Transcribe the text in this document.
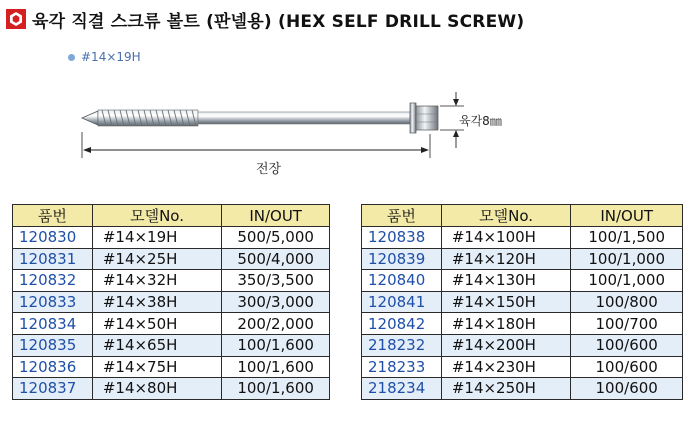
육각 직결 스크류 볼트 (판넬용) (HEX SELF DRILL SCREW)
#14×19H
전장
육각8㎜
품번	모델No.	IN/OUT
120830	#14×19H	500/5,000
120831	#14×25H	500/4,000
120832	#14×32H	350/3,500
120833	#14×38H	300/3,000
120834	#14×50H	200/2,000
120835	#14×65H	100/1,600
120836	#14×75H	100/1,600
120837	#14×80H	100/1,600
품번	모델No.	IN/OUT
120838	#14×100H	100/1,500
120839	#14×120H	100/1,000
120840	#14×130H	100/1,000
120841	#14×150H	100/800
120842	#14×180H	100/700
218232	#14×200H	100/600
218233	#14×230H	100/600
218234	#14×250H	100/600
